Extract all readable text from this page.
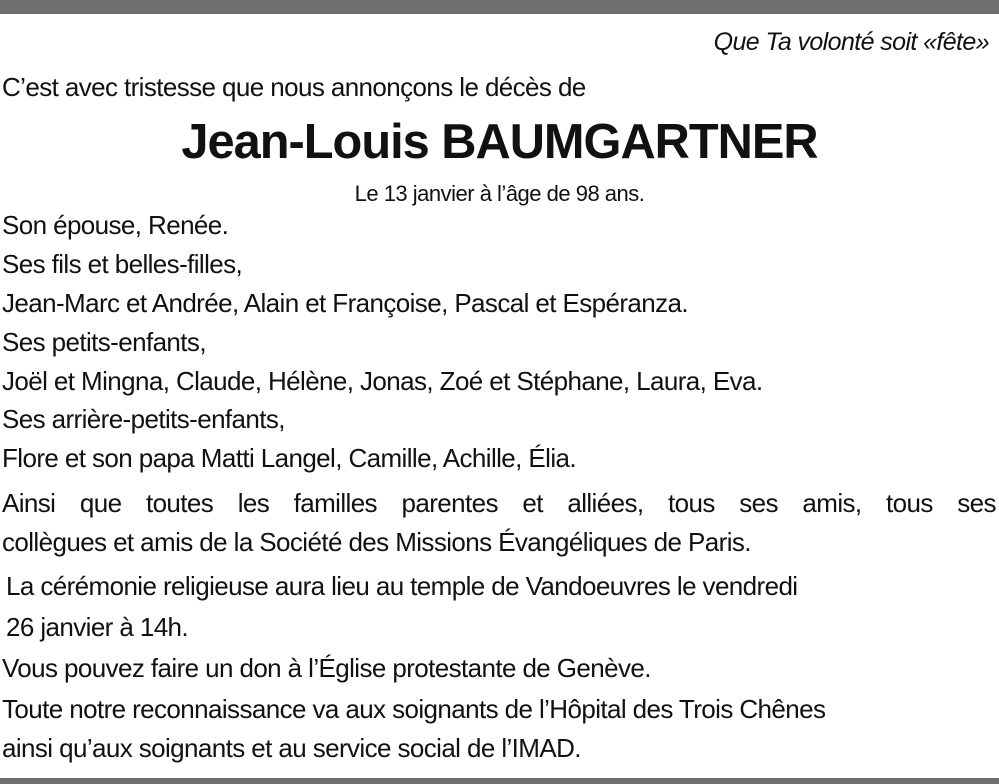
Que Ta volonté soit «fête»
C’est avec tristesse que nous annonçons le décès de
Jean-Louis BAUMGARTNER
Le 13 janvier à l’âge de 98 ans.
Son épouse, Renée.
Ses fils et belles-filles,
Jean-Marc et Andrée, Alain et Françoise, Pascal et Espéranza.
Ses petits-enfants,
Joël et Mingna, Claude, Hélène, Jonas, Zoé et Stéphane, Laura, Eva.
Ses arrière-petits-enfants,
Flore et son papa Matti Langel, Camille, Achille, Élia.
Ainsi que toutes les familles parentes et alliées, tous ses amis, tous ses
collègues et amis de la Société des Missions Évangéliques de Paris.
La cérémonie religieuse aura lieu au temple de Vandoeuvres le vendredi
26 janvier à 14h.
Vous pouvez faire un don à l’Église protestante de Genève.
Toute notre reconnaissance va aux soignants de l’Hôpital des Trois Chênes
ainsi qu’aux soignants et au service social de l’IMAD.
